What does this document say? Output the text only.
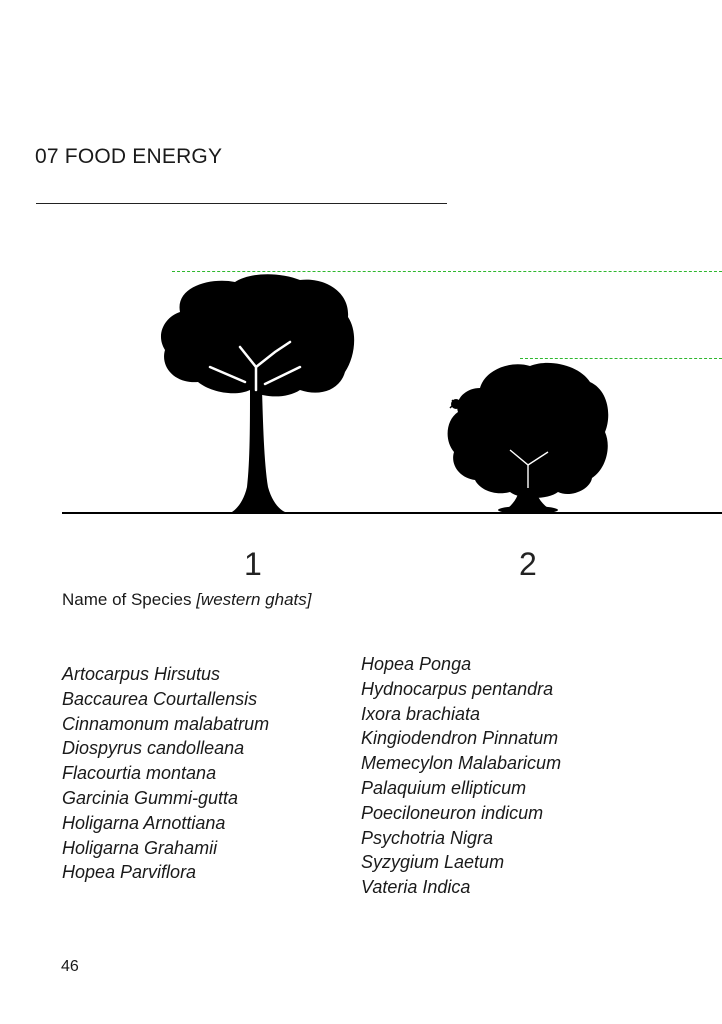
07 FOOD ENERGY
1	2
Name of Species [western ghats]
Artocarpus Hirsutus
Baccaurea Courtallensis
Cinnamonum malabatrum
Diospyrus candolleana
Flacourtia montana
Garcinia Gummi-gutta
Holigarna Arnottiana
Holigarna Grahamii
Hopea Parviflora
Hopea Ponga
Hydnocarpus pentandra
Ixora brachiata
Kingiodendron Pinnatum
Memecylon Malabaricum
Palaquium ellipticum
Poeciloneuron indicum
Psychotria Nigra
Syzygium Laetum
Vateria Indica
46
